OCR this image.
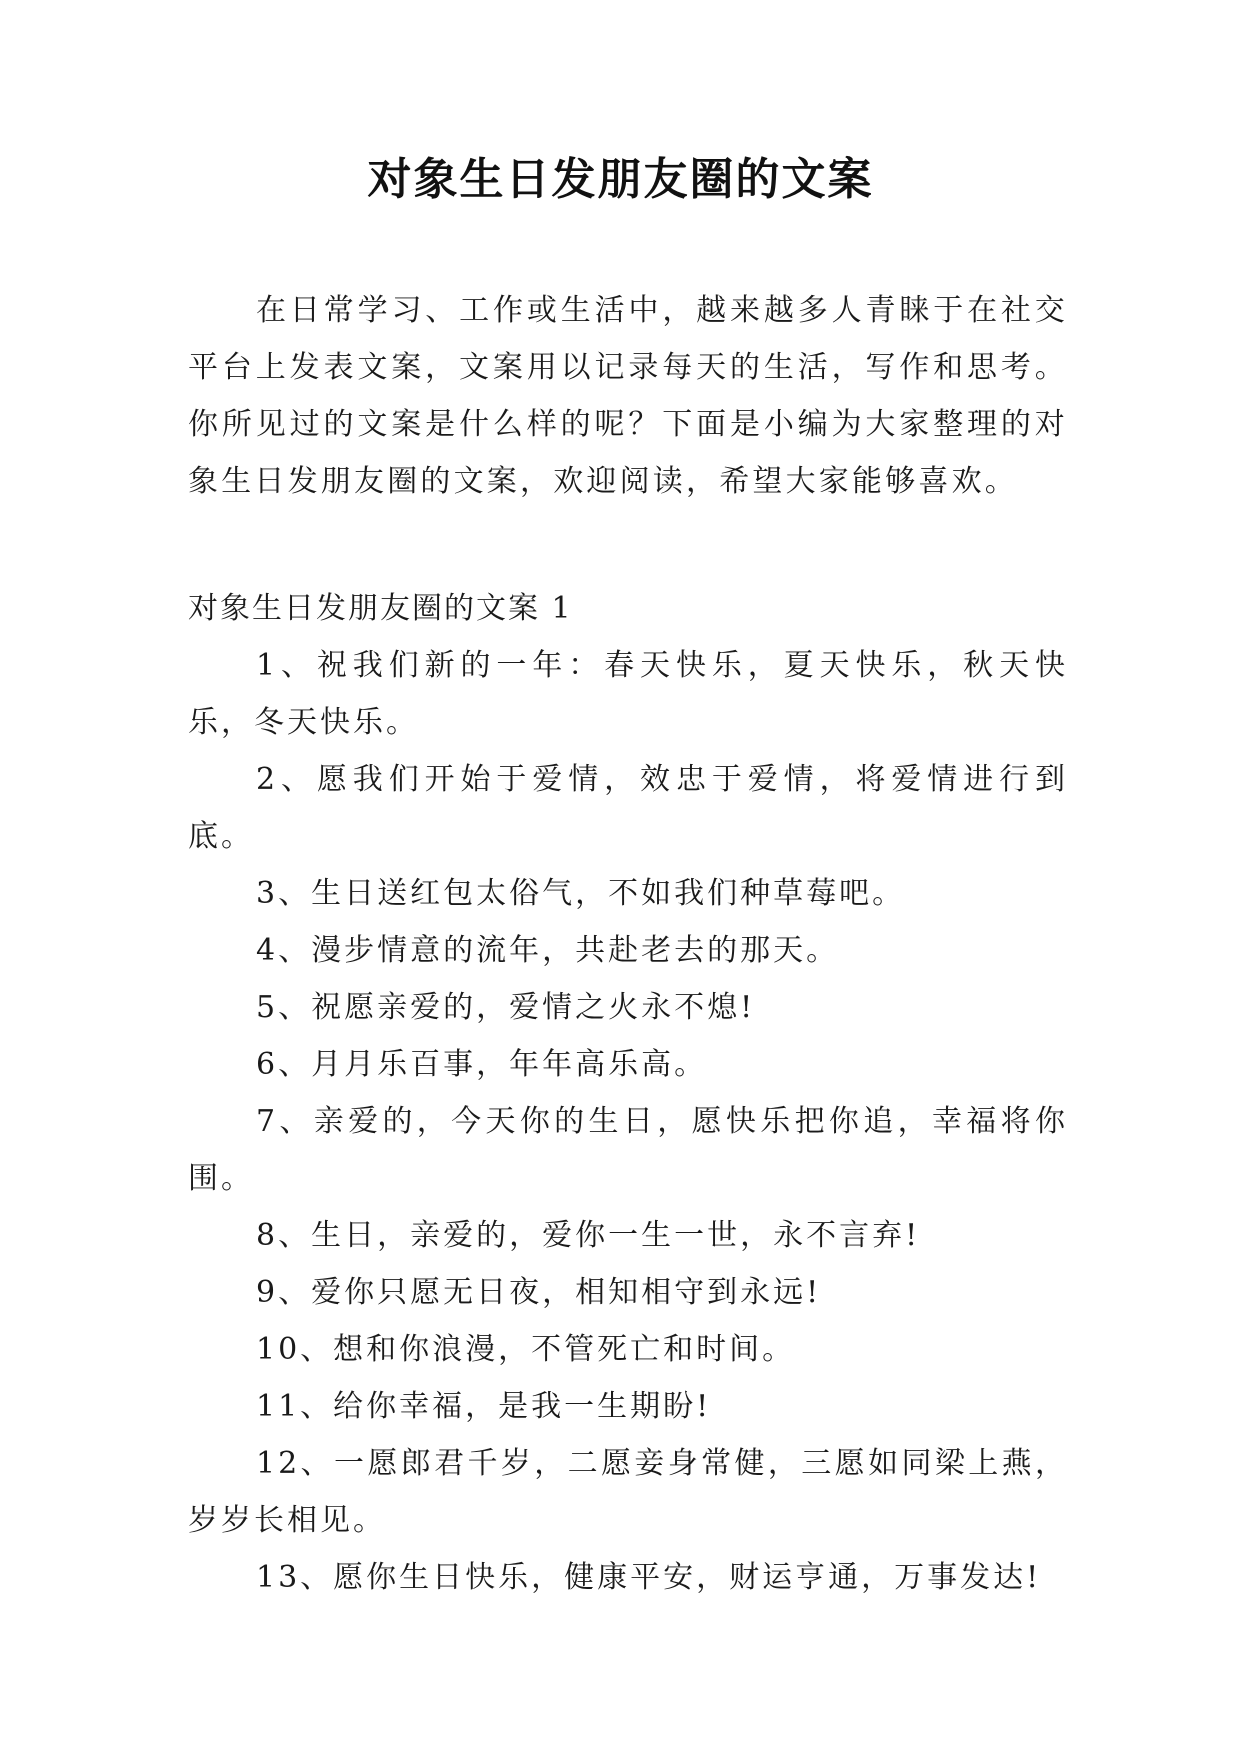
对象生日发朋友圈的文案

在日常学习、工作或生活中，越来越多人青睐于在社交平台上发表文案，文案用以记录每天的生活，写作和思考。你所见过的文案是什么样的呢？下面是小编为大家整理的对象生日发朋友圈的文案，欢迎阅读，希望大家能够喜欢。

对象生日发朋友圈的文案 1

1、祝我们新的一年：春天快乐，夏天快乐，秋天快乐，冬天快乐。
2、愿我们开始于爱情，效忠于爱情，将爱情进行到底。
3、生日送红包太俗气，不如我们种草莓吧。
4、漫步情意的流年，共赴老去的那天。
5、祝愿亲爱的，爱情之火永不熄!
6、月月乐百事，年年高乐高。
7、亲爱的，今天你的生日，愿快乐把你追，幸福将你围。
8、生日，亲爱的，爱你一生一世，永不言弃!
9、爱你只愿无日夜，相知相守到永远!
10、想和你浪漫，不管死亡和时间。
11、给你幸福，是我一生期盼!
12、一愿郎君千岁，二愿妾身常健，三愿如同梁上燕，岁岁长相见。
13、愿你生日快乐，健康平安，财运亨通，万事发达!
